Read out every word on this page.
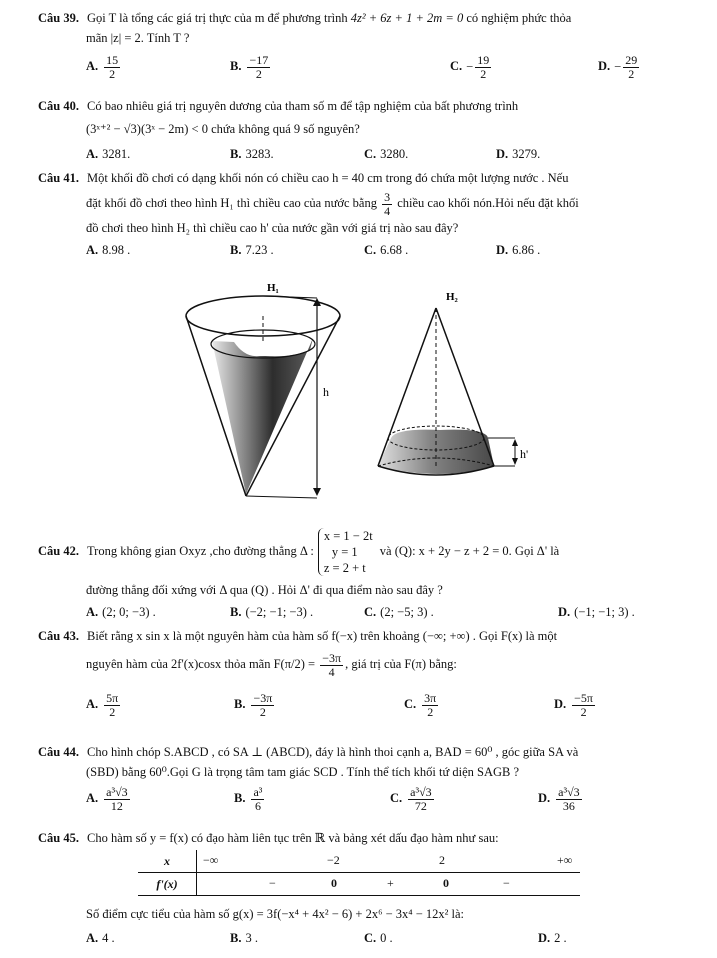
Câu 39. Gọi T là tổng các giá trị thực của m để phương trình 4z² + 6z + 1 + 2m = 0 có nghiệm phức thỏa
mãn |z| = 2. Tính T ?
A. $\frac{15}{2}$	B. $\frac{-17}{2}$	C. − $\frac{19}{2}$	D. − $\frac{29}{2}$
Câu 40. Có bao nhiêu giá trị nguyên dương của tham số m để tập nghiệm của bất phương trình
(3ˣ⁺² − √3)(3ˣ − 2m) < 0 chứa không quá 9 số nguyên?
A. 3281.	B. 3283.	C. 3280.	D. 3279.
Câu 41. Một khối đồ chơi có dạng khối nón có chiều cao h = 40 cm trong đó chứa một lượng nước . Nếu
đặt khối đồ chơi theo hình H₁ thì chiều cao của nước bằng $\frac{3}{4}$ chiều cao khối nón.Hỏi nếu đặt khối
đồ chơi theo hình H₂ thì chiều cao h' của nước gần với giá trị nào sau đây?
A. 8.98 .	B. 7.23 .	C. 6.68 .	D. 6.86 .
H₁
h
H₂
h'
Câu 42. Trong không gian Oxyz ,cho đường thẳng Δ :
x = 1 − 2t
y = 1
z = 2 + t
và (Q): x + 2y − z + 2 = 0. Gọi Δ' là
đường thẳng đối xứng với Δ qua (Q) . Hỏi Δ' đi qua điểm nào sau đây ?
A. (2; 0; −3) .	B. (−2; −1; −3) .	C. (2; −5; 3) .	D. (−1; −1; 3) .
Câu 43. Biết rằng x sin x là một nguyên hàm của hàm số f(−x) trên khoảng (−∞; +∞) . Gọi F(x) là một
nguyên hàm của 2f'(x)cosx thỏa mãn $F(\pi/2) = \frac{-3\pi}{4}$ , giá trị của F(π) bằng:
A. $\frac{5\pi}{2}$	B. $\frac{-3\pi}{2}$	C. $\frac{3\pi}{2}$	D. $\frac{-5\pi}{2}$
Câu 44. Cho hình chóp S.ABCD , có SA ⊥ (ABCD), đáy là hình thoi cạnh a, BAD = 60⁰ , góc giữa SA và
(SBD) bằng 60⁰.Gọi G là trọng tâm tam giác SCD . Tính thể tích khối tứ diện SAGB ?
A. $\frac{\text{a³√3}}{12}$	B. $\frac{\text{a³}}{6}$	C. $\frac{\text{a³√3}}{72}$	D. $\frac{\text{a³√3}}{36}$
Câu 45. Cho hàm số y = f(x) có đạo hàm liên tục trên ℝ và bảng xét dấu đạo hàm như sau:
x	−∞ −2 2 +∞

f'(x)	− 0 + 0 −
Số điểm cực tiểu của hàm số g(x) = 3f(−x⁴ + 4x² − 6) + 2x⁶ − 3x⁴ − 12x² là:
A. 4 .	B. 3 .	C. 0 .	D. 2 .
